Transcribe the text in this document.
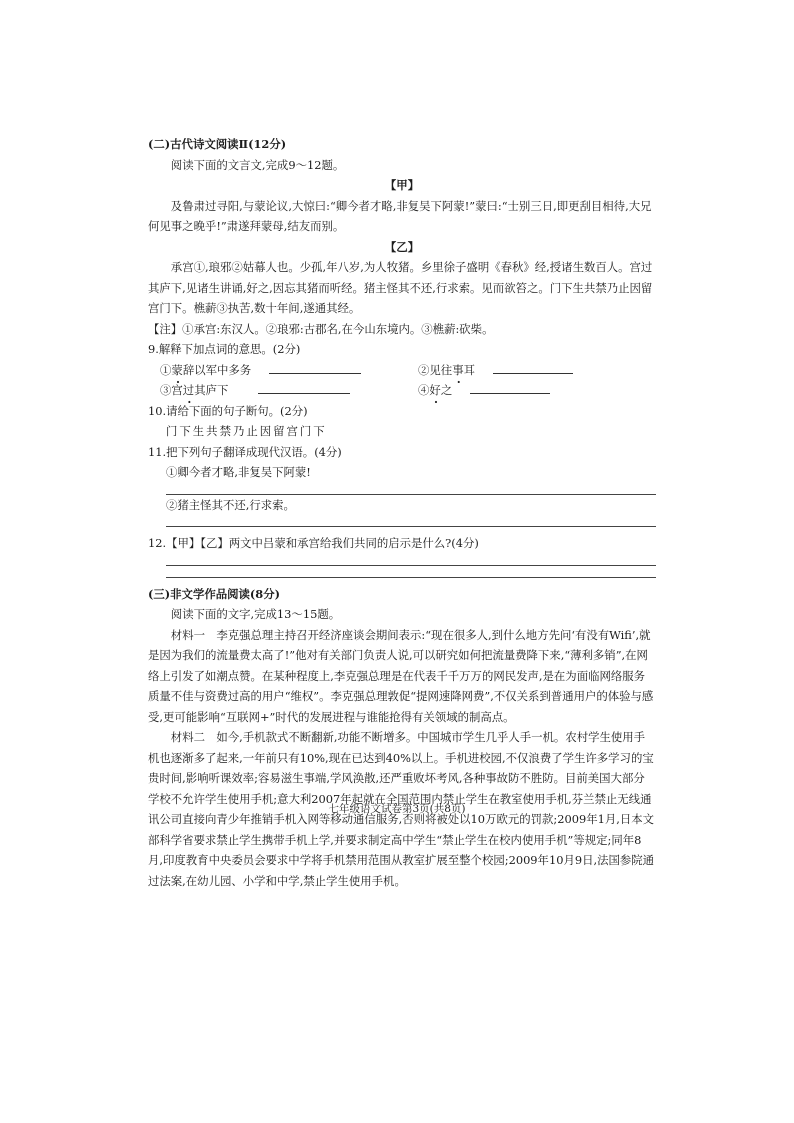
(二)古代诗文阅读Ⅱ(12分)
阅读下面的文言文,完成9～12题。
【甲】
及鲁肃过寻阳,与蒙论议,大惊曰:“卿今者才略,非复吴下阿蒙!”蒙曰:“士别三日,即更刮目相待,大兄何见事之晚乎!”肃遂拜蒙母,结友而别。
【乙】
承宫①,琅邪②姑幕人也。少孤,年八岁,为人牧猪。乡里徐子盛明《春秋》经,授诸生数百人。宫过其庐下,见诸生讲诵,好之,因忘其猪而听经。猪主怪其不还,行求索。见而欲笞之。门下生共禁乃止因留宫门下。樵薪③执苦,数十年间,遂通其经。
【注】①承宫:东汉人。②琅邪:古郡名,在今山东境内。③樵薪:砍柴。
9.解释下加点词的意思。(2分)
①蒙辞以军中多务	②见往事耳
③宫过其庐下	④好之
10.请给下面的句子断句。(2分)
门下生共禁乃止因留宫门下
11.把下列句子翻译成现代汉语。(4分)
①卿今者才略,非复吴下阿蒙!
②猪主怪其不还,行求索。
12.【甲】【乙】两文中吕蒙和承宫给我们共同的启示是什么?(4分)
(三)非文学作品阅读(8分)
阅读下面的文字,完成13～15题。
材料一　李克强总理主持召开经济座谈会期间表示:“现在很多人,到什么地方先问‘有没有Wifi’,就是因为我们的流量费太高了!”他对有关部门负责人说,可以研究如何把流量费降下来,“薄利多销”,在网络上引发了如潮点赞。在某种程度上,李克强总理是在代表千千万万的网民发声,是在为面临网络服务质量不佳与资费过高的用户“维权”。李克强总理敦促“提网速降网费”,不仅关系到普通用户的体验与感受,更可能影响“互联网+”时代的发展进程与谁能抢得有关领域的制高点。
材料二　如今,手机款式不断翻新,功能不断增多。中国城市学生几乎人手一机。农村学生使用手机也逐渐多了起来,一年前只有10%,现在已达到40%以上。手机进校园,不仅浪费了学生许多学习的宝贵时间,影响听课效率;容易滋生事端,学风涣散,还严重败坏考风,各种事故防不胜防。目前美国大部分学校不允许学生使用手机;意大利2007年起就在全国范围内禁止学生在教室使用手机,芬兰禁止无线通讯公司直接向青少年推销手机入网等移动通信服务,否则将被处以10万欧元的罚款;2009年1月,日本文部科学省要求禁止学生携带手机上学,并要求制定高中学生“禁止学生在校内使用手机”等规定;同年8月,印度教育中央委员会要求中学将手机禁用范围从教室扩展至整个校园;2009年10月9日,法国参院通过法案,在幼儿园、小学和中学,禁止学生使用手机。
七年级语文试卷第3页(共8页)
